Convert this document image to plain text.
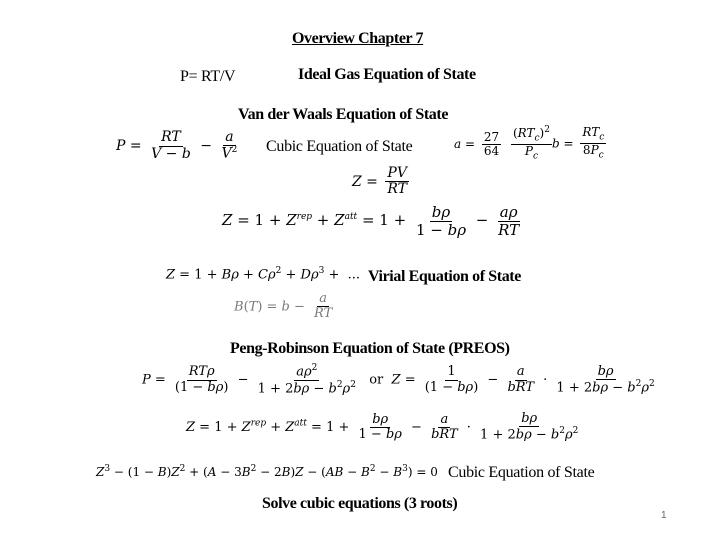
Overview Chapter 7
P= RT/V	Ideal Gas Equation of State
Van der Waals Equation of State
$P = \frac{RT}{V - b} - \frac{a}{V^2}$ Cubic Equation of State	$a = \frac{27}{64}$
$\frac{(RT_c)^2}{P_c}$ $b = \frac{RT_c}{8P_c}$
$Z = \frac{PV}{RT}$
$Z = 1 + Z^{rep} + Z^{att} = 1 + \frac{b\rho}{1 - b\rho} - \frac{a\rho}{RT}$
$Z = 1 + B\rho + C\rho^2 + D\rho^3$ +  ... Virial Equation of State
$B(T) = b - \frac{a}{RT}$
Peng-Robinson Equation of State (PREOS)
$P = \frac{\text{RTρ}}{(1 - b\rho)} - \frac{a\rho^2}{1 + 2b\rho - b^2\rho^2}$ or  $Z = \frac{1}{(1 - b\rho)} - \frac{a}{\text{bRT}} \cdot \frac{b\rho}{1 + 2b\rho - b^2\rho^2}$
$Z = 1 + Z^{rep} + Z^{att} = 1 + \frac{b\rho}{1 - b\rho} - \frac{a}{\text{bRT}} \cdot \frac{b\rho}{1 + 2b\rho - b^2\rho^2}$
$Z^3 - (1 - B)Z^2 + (A - 3B^2 - 2B)Z - (AB - B^2 - B^3) = 0$ Cubic Equation of State
Solve cubic equations (3 roots)
1
